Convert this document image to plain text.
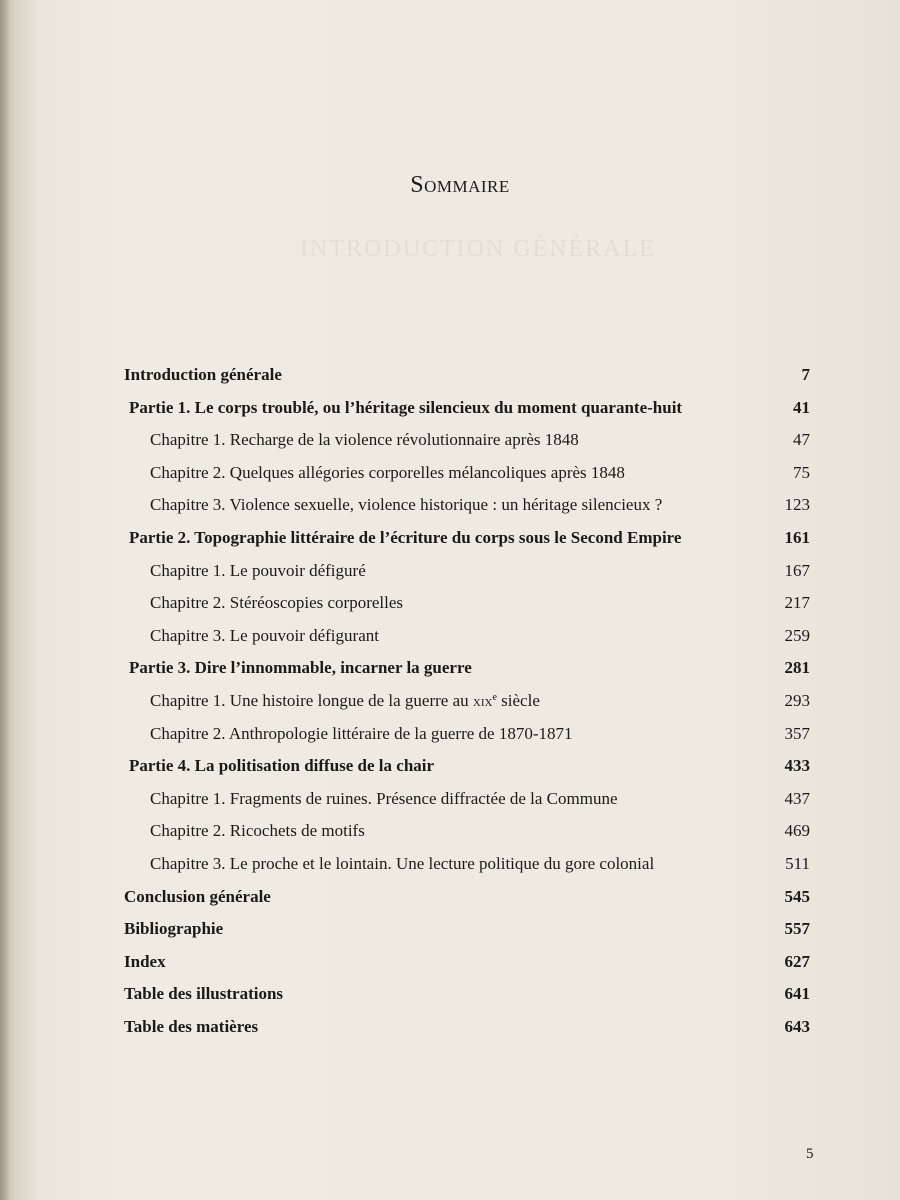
INTRODUCTION GÉNÉRALE
Sommaire
Introduction générale	7
Partie 1. Le corps troublé, ou l’héritage silencieux du moment quarante-huit	41
Chapitre 1. Recharge de la violence révolutionnaire après 1848	47
Chapitre 2. Quelques allégories corporelles mélancoliques après 1848	75
Chapitre 3. Violence sexuelle, violence historique : un héritage silencieux ?	123
Partie 2. Topographie littéraire de l’écriture du corps sous le Second Empire	161
Chapitre 1. Le pouvoir défiguré	167
Chapitre 2. Stéréoscopies corporelles	217
Chapitre 3. Le pouvoir défigurant	259
Partie 3. Dire l’innommable, incarner la guerre	281
Chapitre 1. Une histoire longue de la guerre au xix$^e$ siècle	293
Chapitre 2. Anthropologie littéraire de la guerre de 1870-1871	357
Partie 4. La politisation diffuse de la chair	433
Chapitre 1. Fragments de ruines. Présence diffractée de la Commune	437
Chapitre 2. Ricochets de motifs	469
Chapitre 3. Le proche et le lointain. Une lecture politique du gore colonial	511
Conclusion générale	545
Bibliographie	557
Index	627
Table des illustrations	641
Table des matières	643
5
